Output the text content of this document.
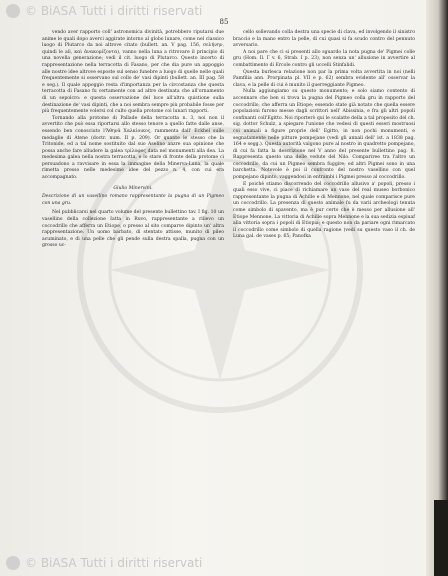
© BiASA Tutti i diritti riservati
85

vendo aver rapporto coll' astronomica divinità, potrebbero riputarsi due anime le quali dopo averci aggirate intorno al globo lunare, come nel classico luogo di Plutarco da noi altrove citato (bullett. an. V pag. 156, σελήνην, quindi le ali, καὶ ἀνακομίζοντα), vanno nella luna a ritrovare il principio di una novella generazione; vedi il cit. luogo di Plutarco. Questo incerto di rappresentazione nella terracotta di Fasano, per che dia pure un appoggio alle nostre idee altrove esposte sul senso funebre a luogo di quelle nelle quali frequentemente si osservano sul collo de' vasi dipinti (bullett. an. III pag. 58 e seg.). Il quale appoggio resta d'importanza per la circostanza che questa terracotta di Fasano fu certamente con ad altre destinata che all'ornamento di un sepolcro: e questa osservazione del luce all'altra quistione sulla destinazione de' vasi dipinti, che a noi sembra sempre più probabile fosse per più frequentemente volersi col culto quella protome coi lunari rapporti.

Tornando alla protome di Pallade della terracotta n. 3, noi non il avvertito che può essa riportarsi allo stesso tenore a quello fatte dalle anse, essendo ben conosciuto l'Ἀθηνᾶ Χαλκίοικος, rammenta dall' Eckhel sulle medaglie di Atene (doctr. num. II p. 209). Or quante le stesso che la Tritonide, ed a tal nome sostituito dal suo Aselino anzre sua opinione che possa anche fare alludere la galea τρίλοφος data nel monumenti alla dea. La medesima galea nella nostra terracotta, e lo stare di fronte della protome ci persuadono a ravvisare in essa la immagine della Minerva-Luna, la quale rimetta presso nelle medesime idee del pezzo n. 4, con cui era accompagnato.

Giulio Minervini.

Descrizione di un vasellino romano rappresentante la pugna di un Pigmeo con una gru.

Nel pubblicarsi nel quarto volume del presente bullettino tav. I fig. 10 un vasellino della collezione Iatta in Ruvo, rappresentante a rilievo un coccodrillo che afferra un Etiope, o presso al sito comparve dipinto un' altra rappresentazione. Un uomo barbato, di stentato attisse, munito di pileo acuminato, e di una pelle che gli pende sulla destra spalla, pugna con un grosso uc-

cello sollevando colla destra una specie di clava, ed involgendo il sinistro braccio e la mano entro la pelle, di cui quasi si fa scudo contro del pennuto avversario.

A noi pare che ci si presenti allo sguardo la nota pugna de' Pigmei colle gru (Hom. Il. Γ v. 6, Strab. I p. 23), non senza un' allusione in avvertire al combattimento di Ercole contro gli uccelli Stinfalidi.

Questa burlesca relazione non par la prima volta avvertita in noi (nelli Pamfilia ann. Prorpinata pl. VII e p. 62) sembra evidente all' osservar la clava, e la pelle di cui è munito il guerreggiante Pigmeo.

Nulla aggiungiamo su questo monumento; e solo siamo contento di accennare che ben si trova la pugna del Pigmeo colla gru in rapporto del coccodrillo, che afferra un Etiope; essendo state già notato che quella essere popolazioni furono messe dagli scrittori nell' Abissinia, e fra gli altri popoli confinanti coll'Egitto. Noi riporterò qui le scalatte della a tal proposito del ch. sig. dottor Schulz, a spiegare l'unione che vedesi di questi esseri mostruosi coi animali a figure proprie dell' Egitto, in non pochi monumenti, e segnatamente nelle pitture pompejane (vedi gli annali dell' ist. a 1838 pag. 164 e segg.). Questa autorità valgono pure al nostro in quadretto pompejano, di cui fa fatta la descrizione nel V anno del presente bullettino pag. 8. Rappresenta questo una delle vedute del Nilo. Compariree tra l'altro un coccodrillo, da cui un Pigmeo sembra fuggire; ed altri Pigmei sono in una barchetta. Notevole è poi il confronto del nostro vasellino con quel pompejano dipinto, vaggendosi in entrambi i Pigmei presso al coccodrillo.

E poichè stiamo discorrendo del coccodrillo allusivo a' popoli, presso i quali esso vive, ci piace di richiamare un vaso del real museo borbonico rappresentante la pugna di Achille e di Mennone, nel quale comparisce pure un coccodrillo. La presenza di questo animale fu da varii archeologi tenuta come simbolo di spavento, ma è pur certo che è messo per allusione all' Etiope Mennone. La vittoria di Achille sopra Mennone e la sua sedizia espiuaf alla vittoria sopra i popoli di Etiopia; e questo non da pariare ogni rimarcato il coccodrillo come simbolo di quella ragione (vedi su questo vaso il ch. de Luna gal. de vases p. 65; Panofka

© BiASA Tutti i diritti riservati
